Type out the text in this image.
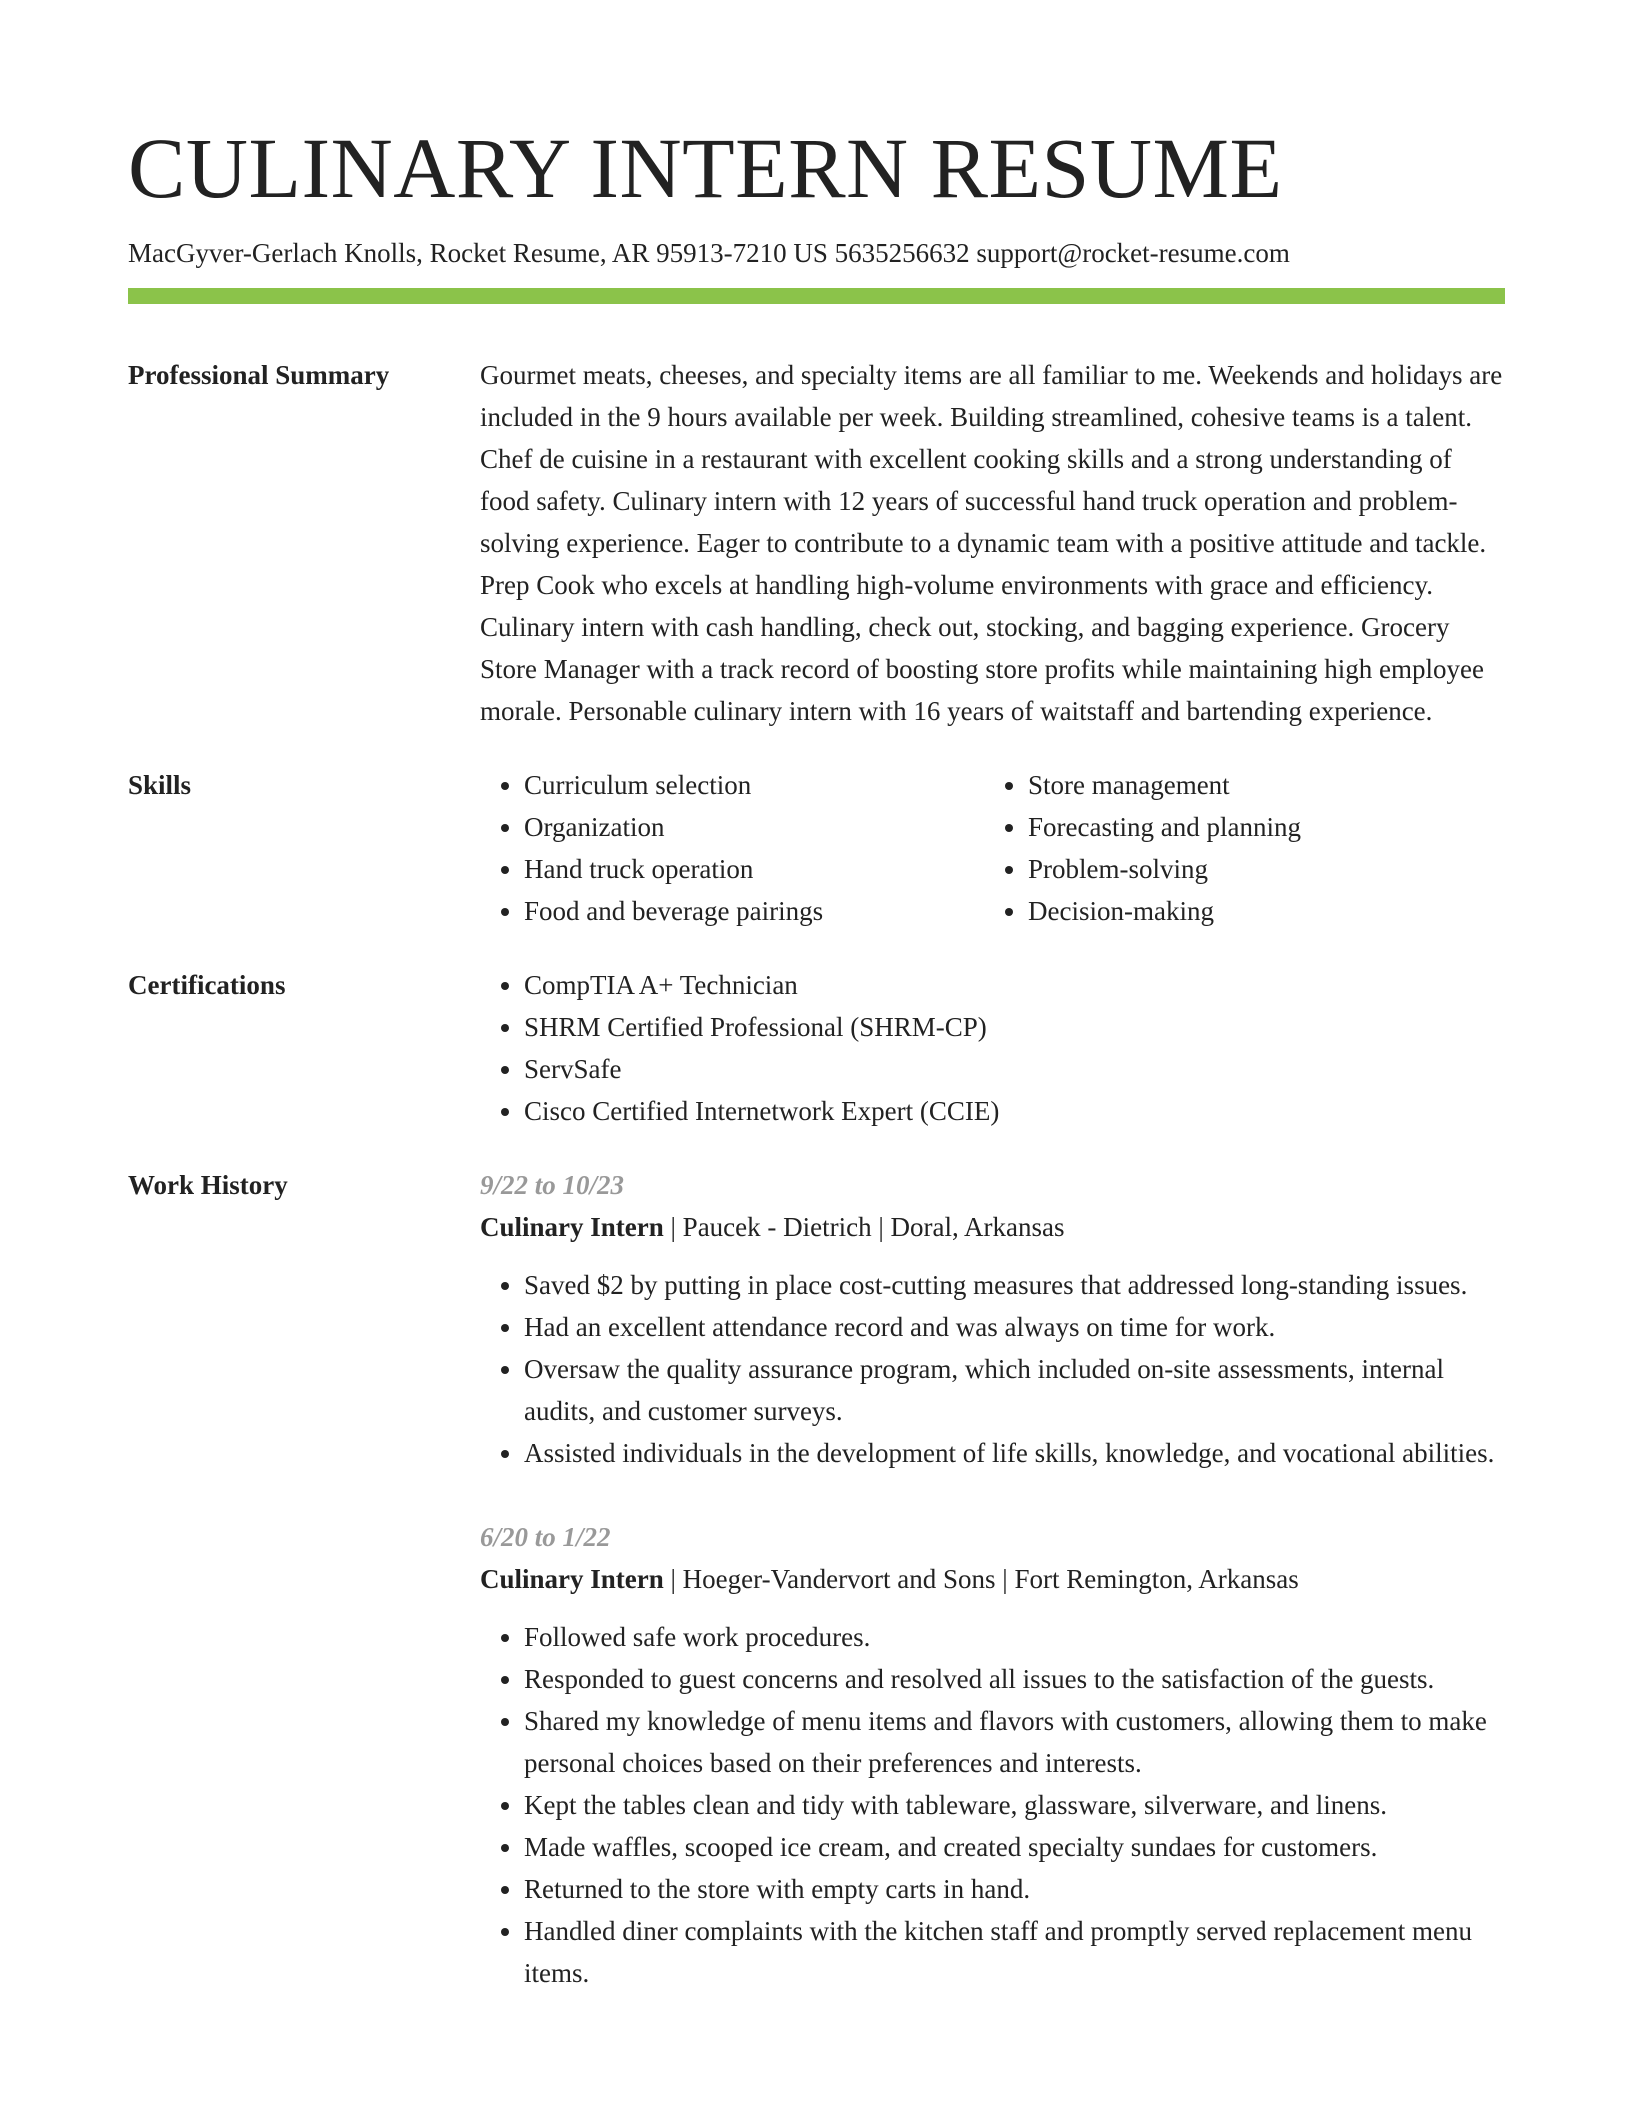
CULINARY INTERN RESUME
MacGyver-Gerlach Knolls, Rocket Resume, AR 95913-7210 US 5635256632 support@rocket-resume.com
Professional Summary	Gourmet meats, cheeses, and specialty items are all familiar to me. Weekends and holidays are included in the 9 hours available per week. Building streamlined, cohesive teams is a talent. Chef de cuisine in a restaurant with excellent cooking skills and a strong understanding of food safety. Culinary intern with 12 years of successful hand truck operation and problem-solving experience. Eager to contribute to a dynamic team with a positive attitude and tackle. Prep Cook who excels at handling high-volume environments with grace and efficiency. Culinary intern with cash handling, check out, stocking, and bagging experience. Grocery Store Manager with a track record of boosting store profits while maintaining high employee morale. Personable culinary intern with 16 years of waitstaff and bartending experience.

Skills	• Curriculum selection
• Organization
• Hand truck operation
• Food and beverage pairings
• Store management
• Forecasting and planning
• Problem-solving
• Decision-making
Certifications	• CompTIA A+ Technician
• SHRM Certified Professional (SHRM-CP)
• ServSafe
• Cisco Certified Internetwork Expert (CCIE)
Work History	9/22 to 10/23
Culinary Intern | Paucek - Dietrich | Doral, Arkansas
• Saved $2 by putting in place cost-cutting measures that addressed long-standing issues.
• Had an excellent attendance record and was always on time for work.
• Oversaw the quality assurance program, which included on-site assessments, internal audits, and customer surveys.
• Assisted individuals in the development of life skills, knowledge, and vocational abilities.
6/20 to 1/22
Culinary Intern | Hoeger-Vandervort and Sons | Fort Remington, Arkansas
• Followed safe work procedures.
• Responded to guest concerns and resolved all issues to the satisfaction of the guests.
• Shared my knowledge of menu items and flavors with customers, allowing them to make personal choices based on their preferences and interests.
• Kept the tables clean and tidy with tableware, glassware, silverware, and linens.
• Made waffles, scooped ice cream, and created specialty sundaes for customers.
• Returned to the store with empty carts in hand.
• Handled diner complaints with the kitchen staff and promptly served replacement menu items.
